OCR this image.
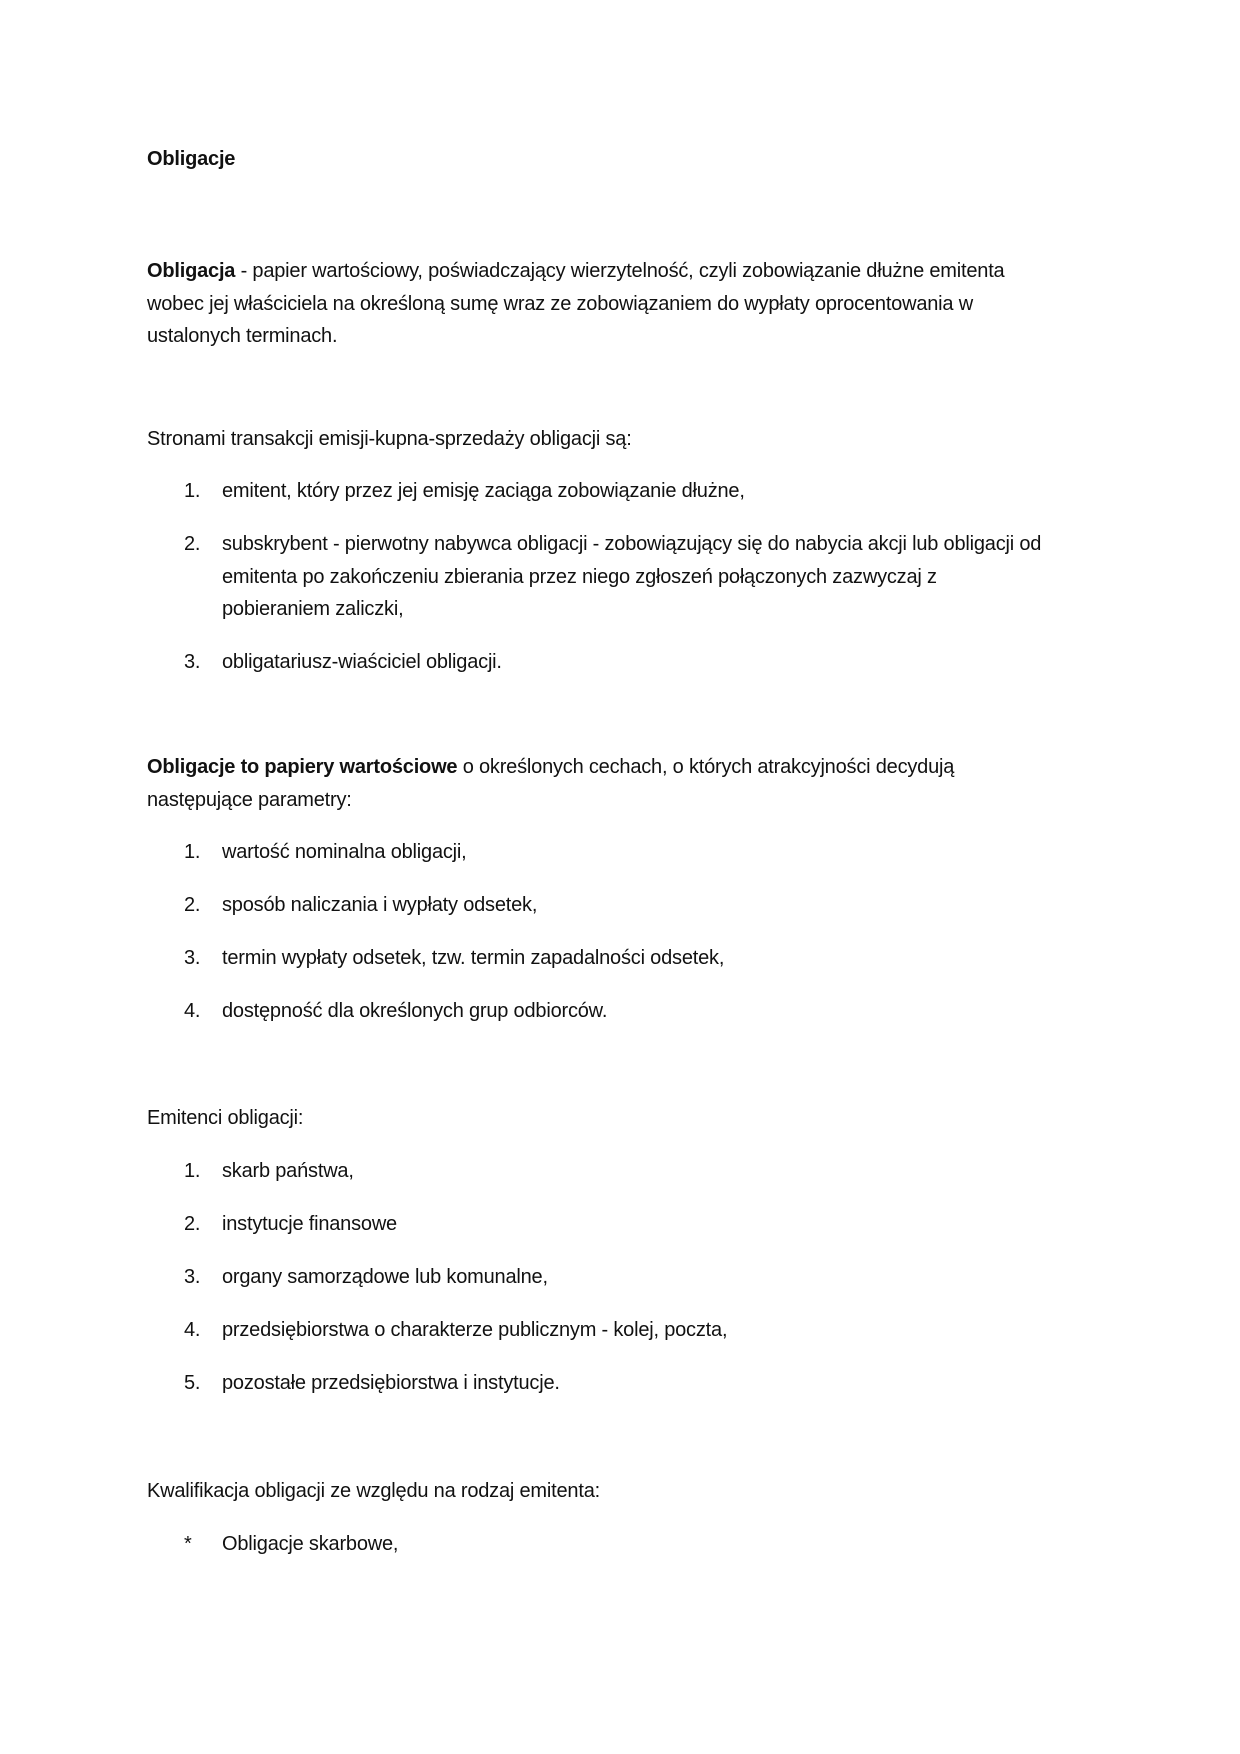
Obligacje
Obligacja - papier wartościowy, poświadczający wierzytelność, czyli zobowiązanie dłużne emitenta wobec jej właściciela na określoną sumę wraz ze zobowiązaniem do wypłaty oprocentowania w ustalonych terminach.
Stronami transakcji emisji-kupna-sprzedaży obligacji są:
1.	emitent, który przez jej emisję zaciąga zobowiązanie dłużne,
2.	subskrybent - pierwotny nabywca obligacji - zobowiązujący się do nabycia akcji lub obligacji od emitenta po zakończeniu zbierania przez niego zgłoszeń połączonych zazwyczaj z pobieraniem zaliczki,
3.	obligatariusz-wiaściciel obligacji.
Obligacje to papiery wartościowe o określonych cechach, o których atrakcyjności decydują następujące parametry:
1.	wartość nominalna obligacji,
2.	sposób naliczania i wypłaty odsetek,
3.	termin wypłaty odsetek, tzw. termin zapadalności odsetek,
4.	dostępność dla określonych grup odbiorców.
Emitenci obligacji:
1.	skarb państwa,
2.	instytucje finansowe
3.	organy samorządowe lub komunalne,
4.	przedsiębiorstwa o charakterze publicznym - kolej, poczta,
5.	pozostałe przedsiębiorstwa i instytucje.
Kwalifikacja obligacji ze względu na rodzaj emitenta:
*	Obligacje skarbowe,
